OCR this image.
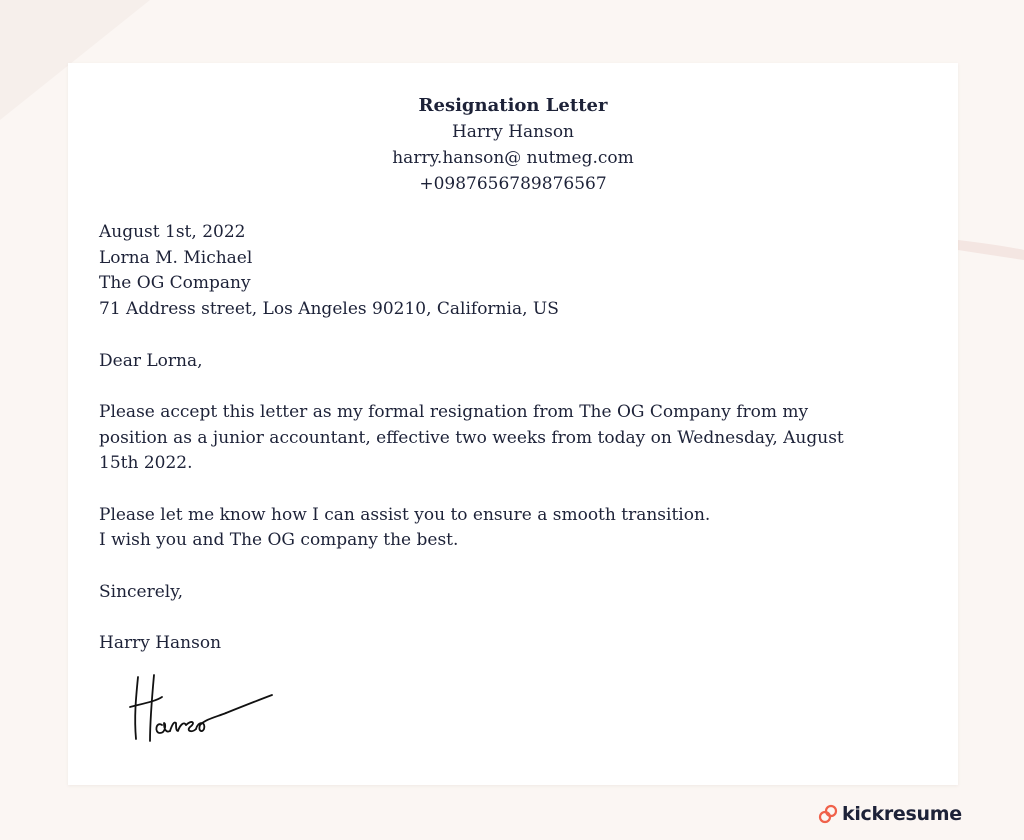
Resignation Letter
Harry Hanson
harry.hanson@ nutmeg.com
+0987656789876567
August 1st, 2022
Lorna M. Michael
The OG Company
71 Address street, Los Angeles 90210, California, US
Dear Lorna,
Please accept this letter as my formal resignation from The OG Company from my
position as a junior accountant, effective two weeks from today on Wednesday, August
15th 2022.
Please let me know how I can assist you to ensure a smooth transition.
I wish you and The OG company the best.
Sincerely,
Harry Hanson
kickresume
